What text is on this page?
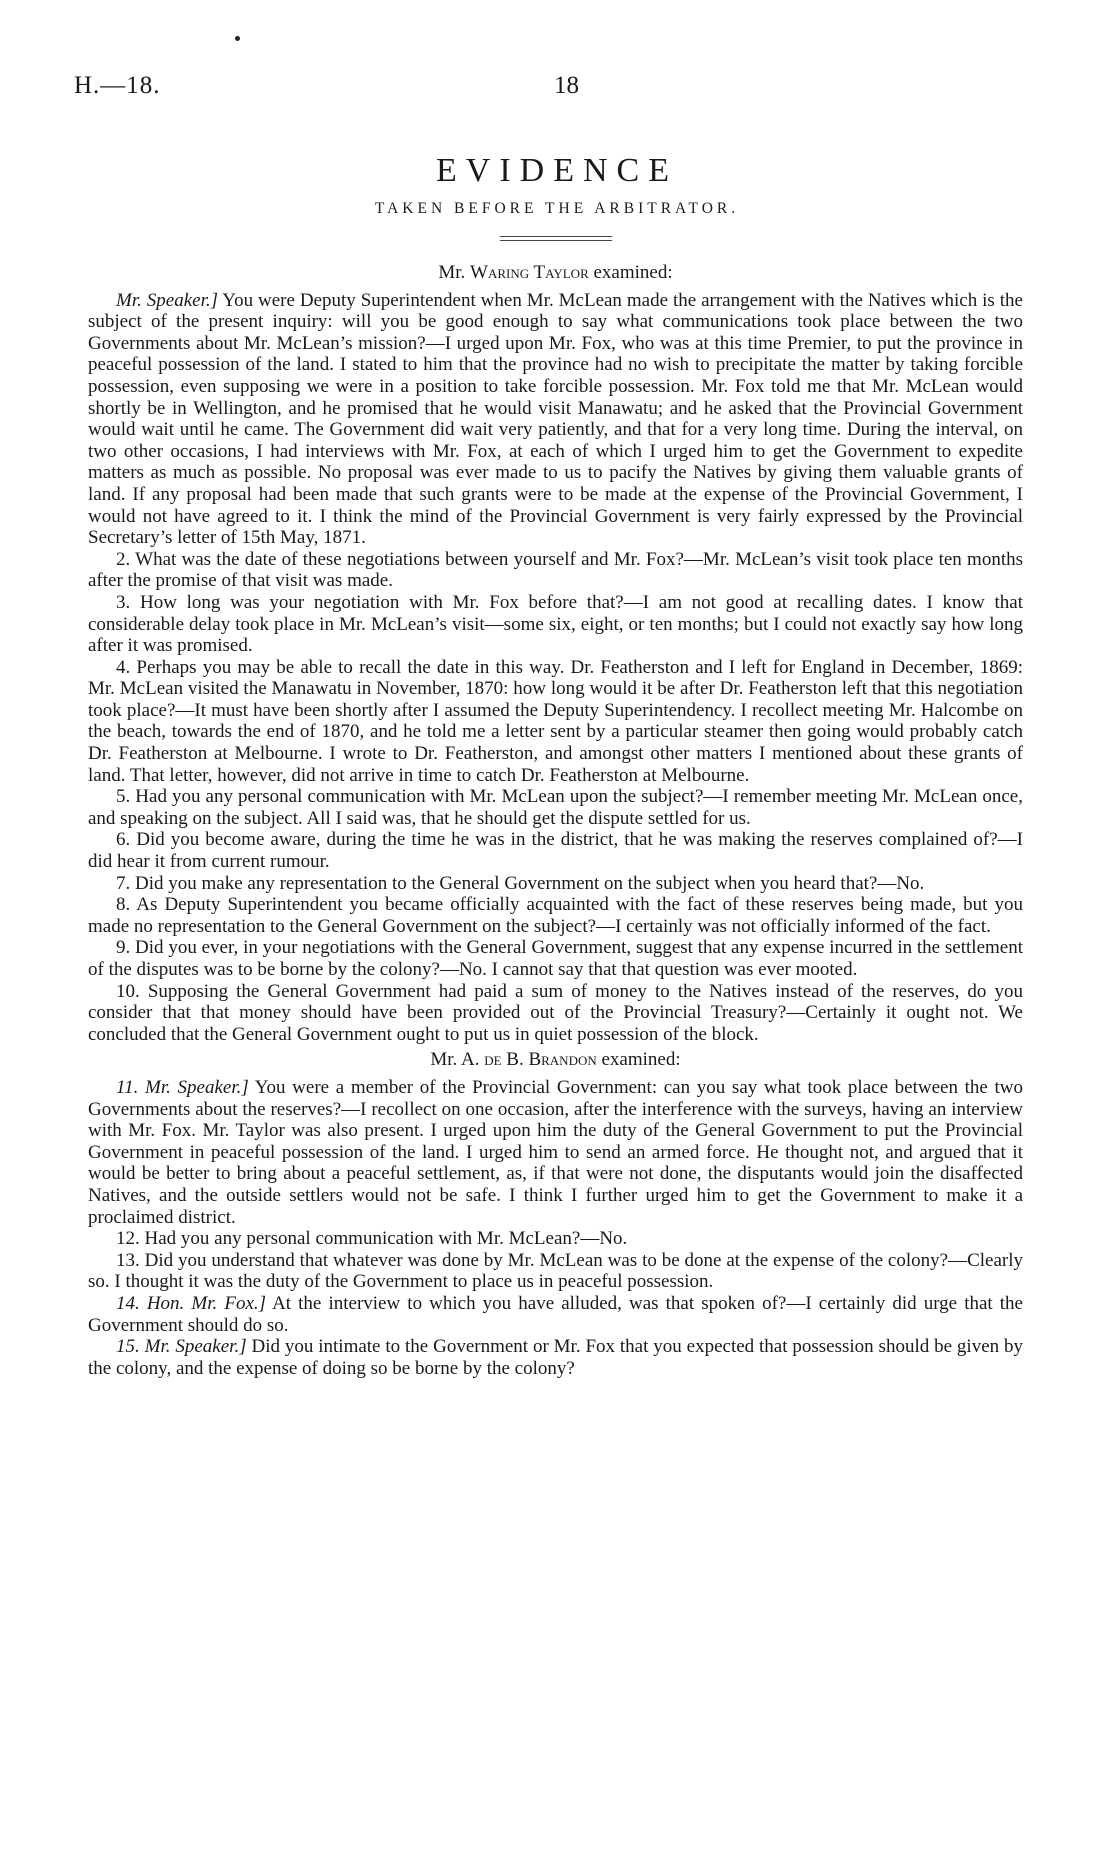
H.—18.	18
EVIDENCE
TAKEN BEFORE THE ARBITRATOR.

Mr. Waring Taylor examined:

Mr. Speaker.] You were Deputy Superintendent when Mr. McLean made the arrangement with the Natives which is the subject of the present inquiry: will you be good enough to say what communications took place between the two Governments about Mr. McLean’s mission?—I urged upon Mr. Fox, who was at this time Premier, to put the province in peaceful possession of the land. I stated to him that the province had no wish to precipitate the matter by taking forcible possession, even supposing we were in a position to take forcible possession. Mr. Fox told me that Mr. McLean would shortly be in Wellington, and he promised that he would visit Manawatu; and he asked that the Provincial Government would wait until he came. The Government did wait very patiently, and that for a very long time. During the interval, on two other occasions, I had interviews with Mr. Fox, at each of which I urged him to get the Government to expedite matters as much as possible. No proposal was ever made to us to pacify the Natives by giving them valuable grants of land. If any proposal had been made that such grants were to be made at the expense of the Provincial Government, I would not have agreed to it. I think the mind of the Provincial Government is very fairly expressed by the Provincial Secretary’s letter of 15th May, 1871.

2. What was the date of these negotiations between yourself and Mr. Fox?—Mr. McLean’s visit took place ten months after the promise of that visit was made.

3. How long was your negotiation with Mr. Fox before that?—I am not good at recalling dates. I know that considerable delay took place in Mr. McLean’s visit—some six, eight, or ten months; but I could not exactly say how long after it was promised.

4. Perhaps you may be able to recall the date in this way. Dr. Featherston and I left for England in December, 1869: Mr. McLean visited the Manawatu in November, 1870: how long would it be after Dr. Featherston left that this negotiation took place?—It must have been shortly after I assumed the Deputy Superintendency. I recollect meeting Mr. Halcombe on the beach, towards the end of 1870, and he told me a letter sent by a particular steamer then going would probably catch Dr. Featherston at Melbourne. I wrote to Dr. Featherston, and amongst other matters I mentioned about these grants of land. That letter, however, did not arrive in time to catch Dr. Featherston at Melbourne.

5. Had you any personal communication with Mr. McLean upon the subject?—I remember meeting Mr. McLean once, and speaking on the subject. All I said was, that he should get the dispute settled for us.

6. Did you become aware, during the time he was in the district, that he was making the reserves complained of?—I did hear it from current rumour.

7. Did you make any representation to the General Government on the subject when you heard that?—No.

8. As Deputy Superintendent you became officially acquainted with the fact of these reserves being made, but you made no representation to the General Government on the subject?—I certainly was not officially informed of the fact.

9. Did you ever, in your negotiations with the General Government, suggest that any expense incurred in the settlement of the disputes was to be borne by the colony?—No. I cannot say that that question was ever mooted.

10. Supposing the General Government had paid a sum of money to the Natives instead of the reserves, do you consider that that money should have been provided out of the Provincial Treasury?—Certainly it ought not. We concluded that the General Government ought to put us in quiet possession of the block.

Mr. A. de B. Brandon examined:

11. Mr. Speaker.] You were a member of the Provincial Government: can you say what took place between the two Governments about the reserves?—I recollect on one occasion, after the interference with the surveys, having an interview with Mr. Fox. Mr. Taylor was also present. I urged upon him the duty of the General Government to put the Provincial Government in peaceful possession of the land. I urged him to send an armed force. He thought not, and argued that it would be better to bring about a peaceful settlement, as, if that were not done, the disputants would join the disaffected Natives, and the outside settlers would not be safe. I think I further urged him to get the Government to make it a proclaimed district.

12. Had you any personal communication with Mr. McLean?—No.

13. Did you understand that whatever was done by Mr. McLean was to be done at the expense of the colony?—Clearly so. I thought it was the duty of the Government to place us in peaceful possession.

14. Hon. Mr. Fox.] At the interview to which you have alluded, was that spoken of?—I certainly did urge that the Government should do so.

15. Mr. Speaker.] Did you intimate to the Government or Mr. Fox that you expected that possession should be given by the colony, and the expense of doing so be borne by the colony?
